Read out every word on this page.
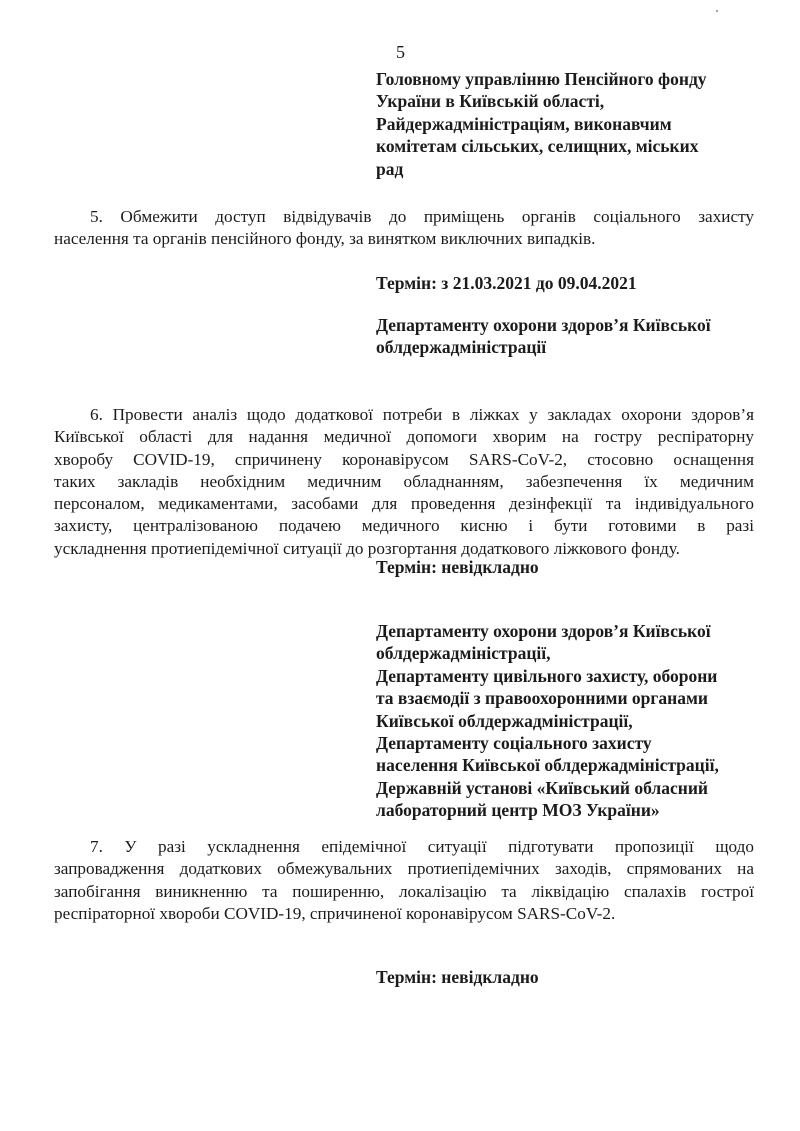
5
Головному управлінню Пенсійного фонду
України в Київській області,
Райдержадміністраціям, виконавчим
комітетам сільських, селищних, міських
рад
5. Обмежити доступ відвідувачів до приміщень органів соціального захисту
населення та органів пенсійного фонду, за винятком виключних випадків.
Термін: з 21.03.2021 до 09.04.2021
Департаменту охорони здоров’я Київської
облдержадміністрації
6. Провести аналіз щодо додаткової потреби в ліжках у закладах охорони здоров’я
Київської області для надання медичної допомоги хворим на гостру респіраторну
хворобу COVID-19, спричинену коронавірусом SARS-CoV-2, стосовно оснащення
таких закладів необхідним медичним обладнанням, забезпечення їх медичним
персоналом, медикаментами, засобами для проведення дезінфекції та індивідуального
захисту, централізованою подачею медичного кисню і бути готовими в разі
ускладнення протиепідемічної ситуації до розгортання додаткового ліжкового фонду.
Термін: невідкладно
Департаменту охорони здоров’я Київської
облдержадміністрації,
Департаменту цивільного захисту, оборони
та взаємодії з правоохоронними органами
Київської облдержадміністрації,
Департаменту соціального захисту
населення Київської облдержадміністрації,
Державній установі «Київський обласний
лабораторний центр МОЗ України»
7. У разі ускладнення епідемічної ситуації підготувати пропозиції щодо
запровадження додаткових обмежувальних протиепідемічних заходів, спрямованих на
запобігання виникненню та поширенню, локалізацію та ліквідацію спалахів гострої
респіраторної хвороби COVID-19, спричиненої коронавірусом SARS-CoV-2.
Термін: невідкладно
